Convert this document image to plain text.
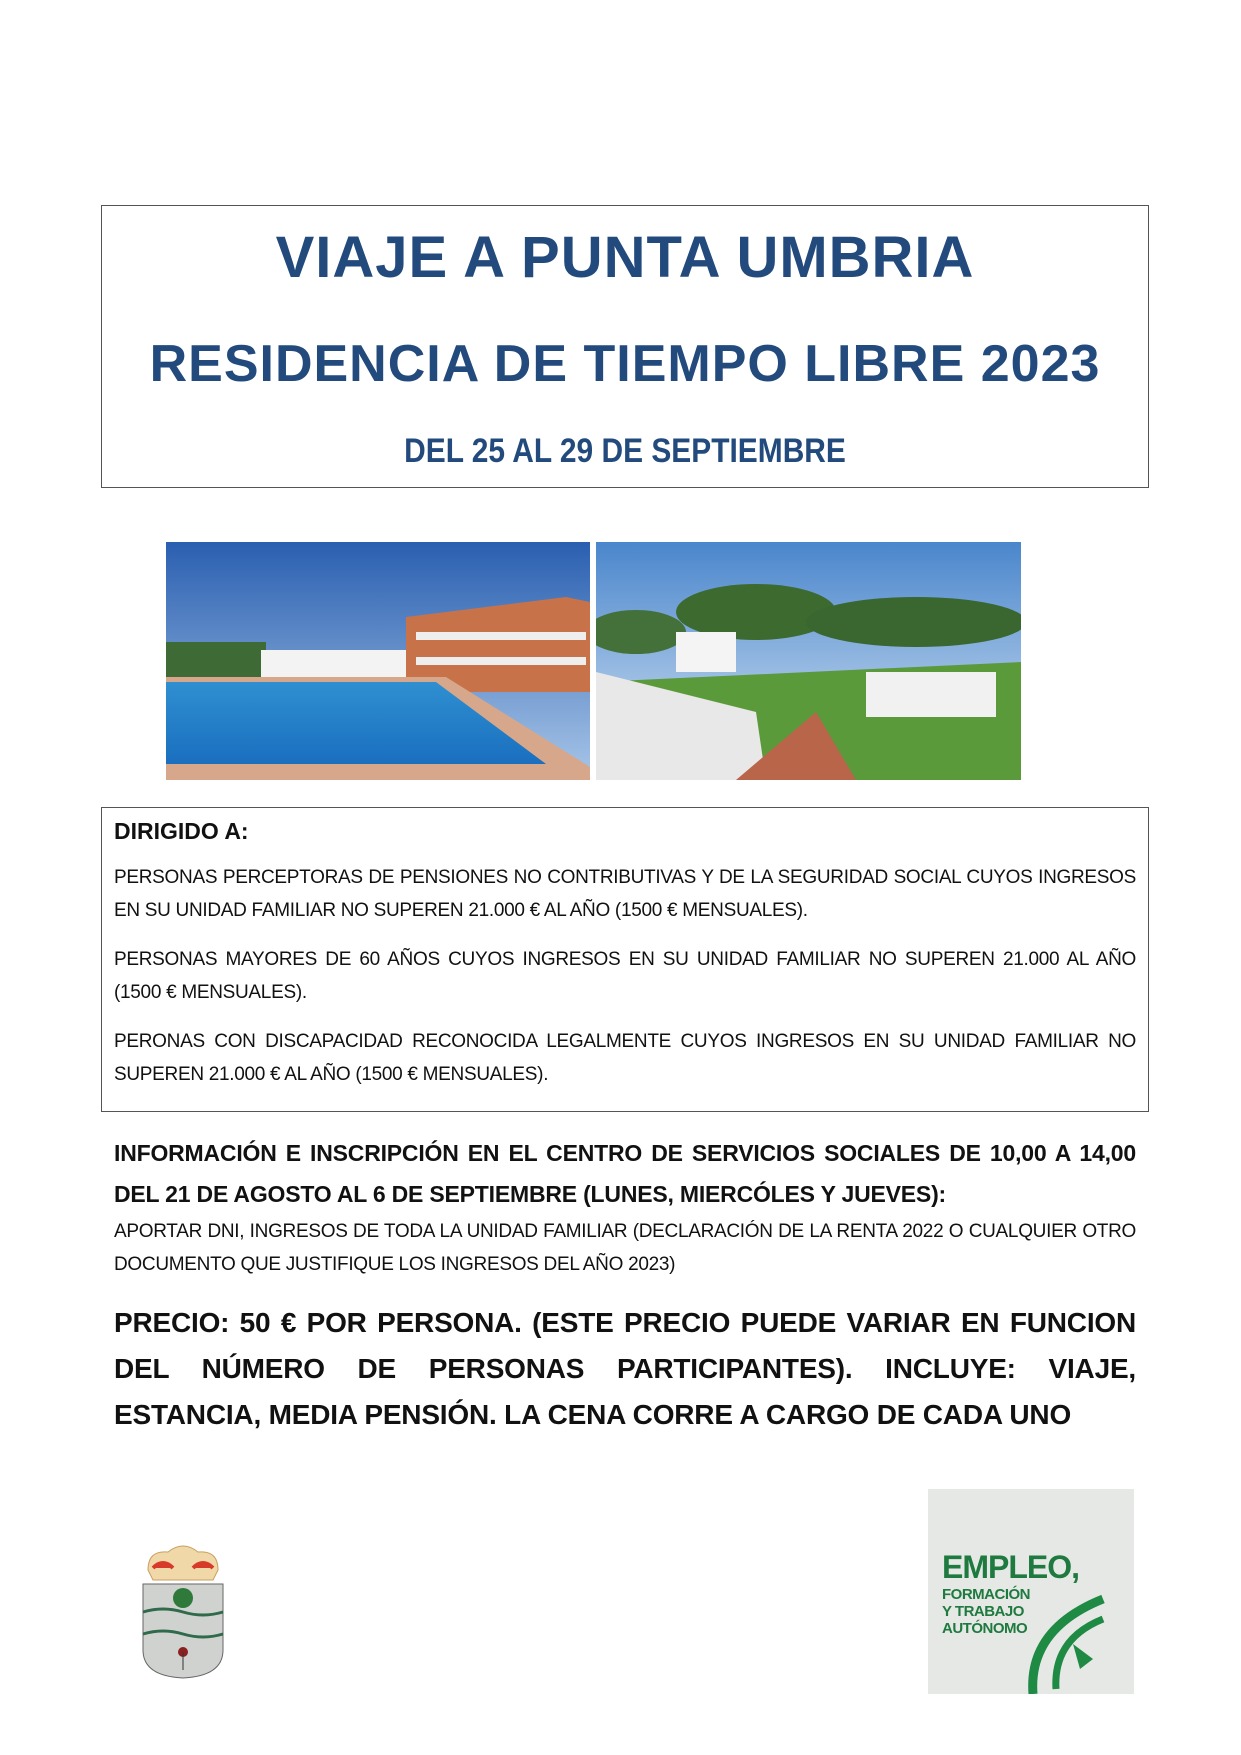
VIAJE A PUNTA UMBRIA
RESIDENCIA DE TIEMPO LIBRE 2023
DEL 25 AL 29 DE SEPTIEMBRE
DIRIGIDO A:
PERSONAS PERCEPTORAS DE PENSIONES NO CONTRIBUTIVAS Y DE LA SEGURIDAD SOCIAL CUYOS INGRESOS EN SU UNIDAD FAMILIAR NO SUPEREN 21.000 € AL AÑO (1500 € MENSUALES).
PERSONAS MAYORES DE 60 AÑOS CUYOS INGRESOS EN SU UNIDAD FAMILIAR NO SUPEREN 21.000 AL AÑO (1500 € MENSUALES).
PERONAS CON DISCAPACIDAD RECONOCIDA LEGALMENTE CUYOS INGRESOS EN SU UNIDAD FAMILIAR NO SUPEREN 21.000 € AL AÑO (1500 € MENSUALES).
INFORMACIÓN E INSCRIPCIÓN EN EL CENTRO DE SERVICIOS SOCIALES DE 10,00 A 14,00 DEL 21 DE AGOSTO AL 6 DE SEPTIEMBRE (LUNES, MIERCÓLES Y JUEVES):
APORTAR DNI, INGRESOS DE TODA LA UNIDAD FAMILIAR (DECLARACIÓN DE LA RENTA 2022 O CUALQUIER OTRO DOCUMENTO QUE JUSTIFIQUE LOS INGRESOS DEL AÑO 2023)
PRECIO: 50 € POR PERSONA. (ESTE PRECIO PUEDE VARIAR EN FUNCION DEL NÚMERO DE PERSONAS PARTICIPANTES). INCLUYE: VIAJE, ESTANCIA, MEDIA PENSIÓN. LA CENA CORRE A CARGO DE CADA UNO
EMPLEO,
FORMACIÓN
Y TRABAJO
AUTÓNOMO
